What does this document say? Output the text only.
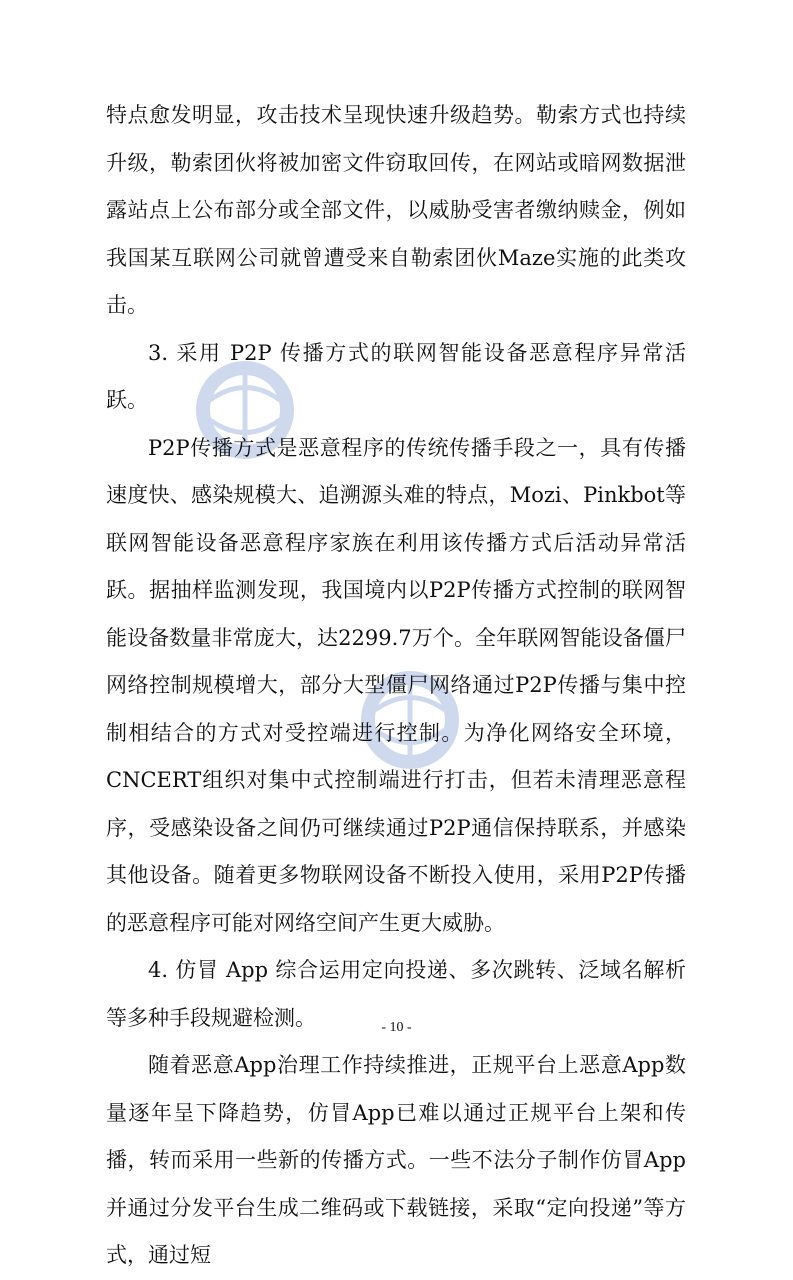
特点愈发明显，攻击技术呈现快速升级趋势。勒索方式也持续升级，勒索团伙将被加密文件窃取回传，在网站或暗网数据泄露站点上公布部分或全部文件，以威胁受害者缴纳赎金，例如我国某互联网公司就曾遭受来自勒索团伙Maze实施的此类攻击。

3. 采用 P2P 传播方式的联网智能设备恶意程序异常活跃。

P2P传播方式是恶意程序的传统传播手段之一，具有传播速度快、感染规模大、追溯源头难的特点，Mozi、Pinkbot等联网智能设备恶意程序家族在利用该传播方式后活动异常活跃。据抽样监测发现，我国境内以P2P传播方式控制的联网智能设备数量非常庞大，达2299.7万个。全年联网智能设备僵尸网络控制规模增大，部分大型僵尸网络通过P2P传播与集中控制相结合的方式对受控端进行控制。为净化网络安全环境，CNCERT组织对集中式控制端进行打击，但若未清理恶意程序，受感染设备之间仍可继续通过P2P通信保持联系，并感染其他设备。随着更多物联网设备不断投入使用，采用P2P传播的恶意程序可能对网络空间产生更大威胁。

4. 仿冒 App 综合运用定向投递、多次跳转、泛域名解析等多种手段规避检测。

随着恶意App治理工作持续推进，正规平台上恶意App数量逐年呈下降趋势，仿冒App已难以通过正规平台上架和传播，转而采用一些新的传播方式。一些不法分子制作仿冒App并通过分发平台生成二维码或下载链接，采取“定向投递”等方式，通过短

- 10 -
